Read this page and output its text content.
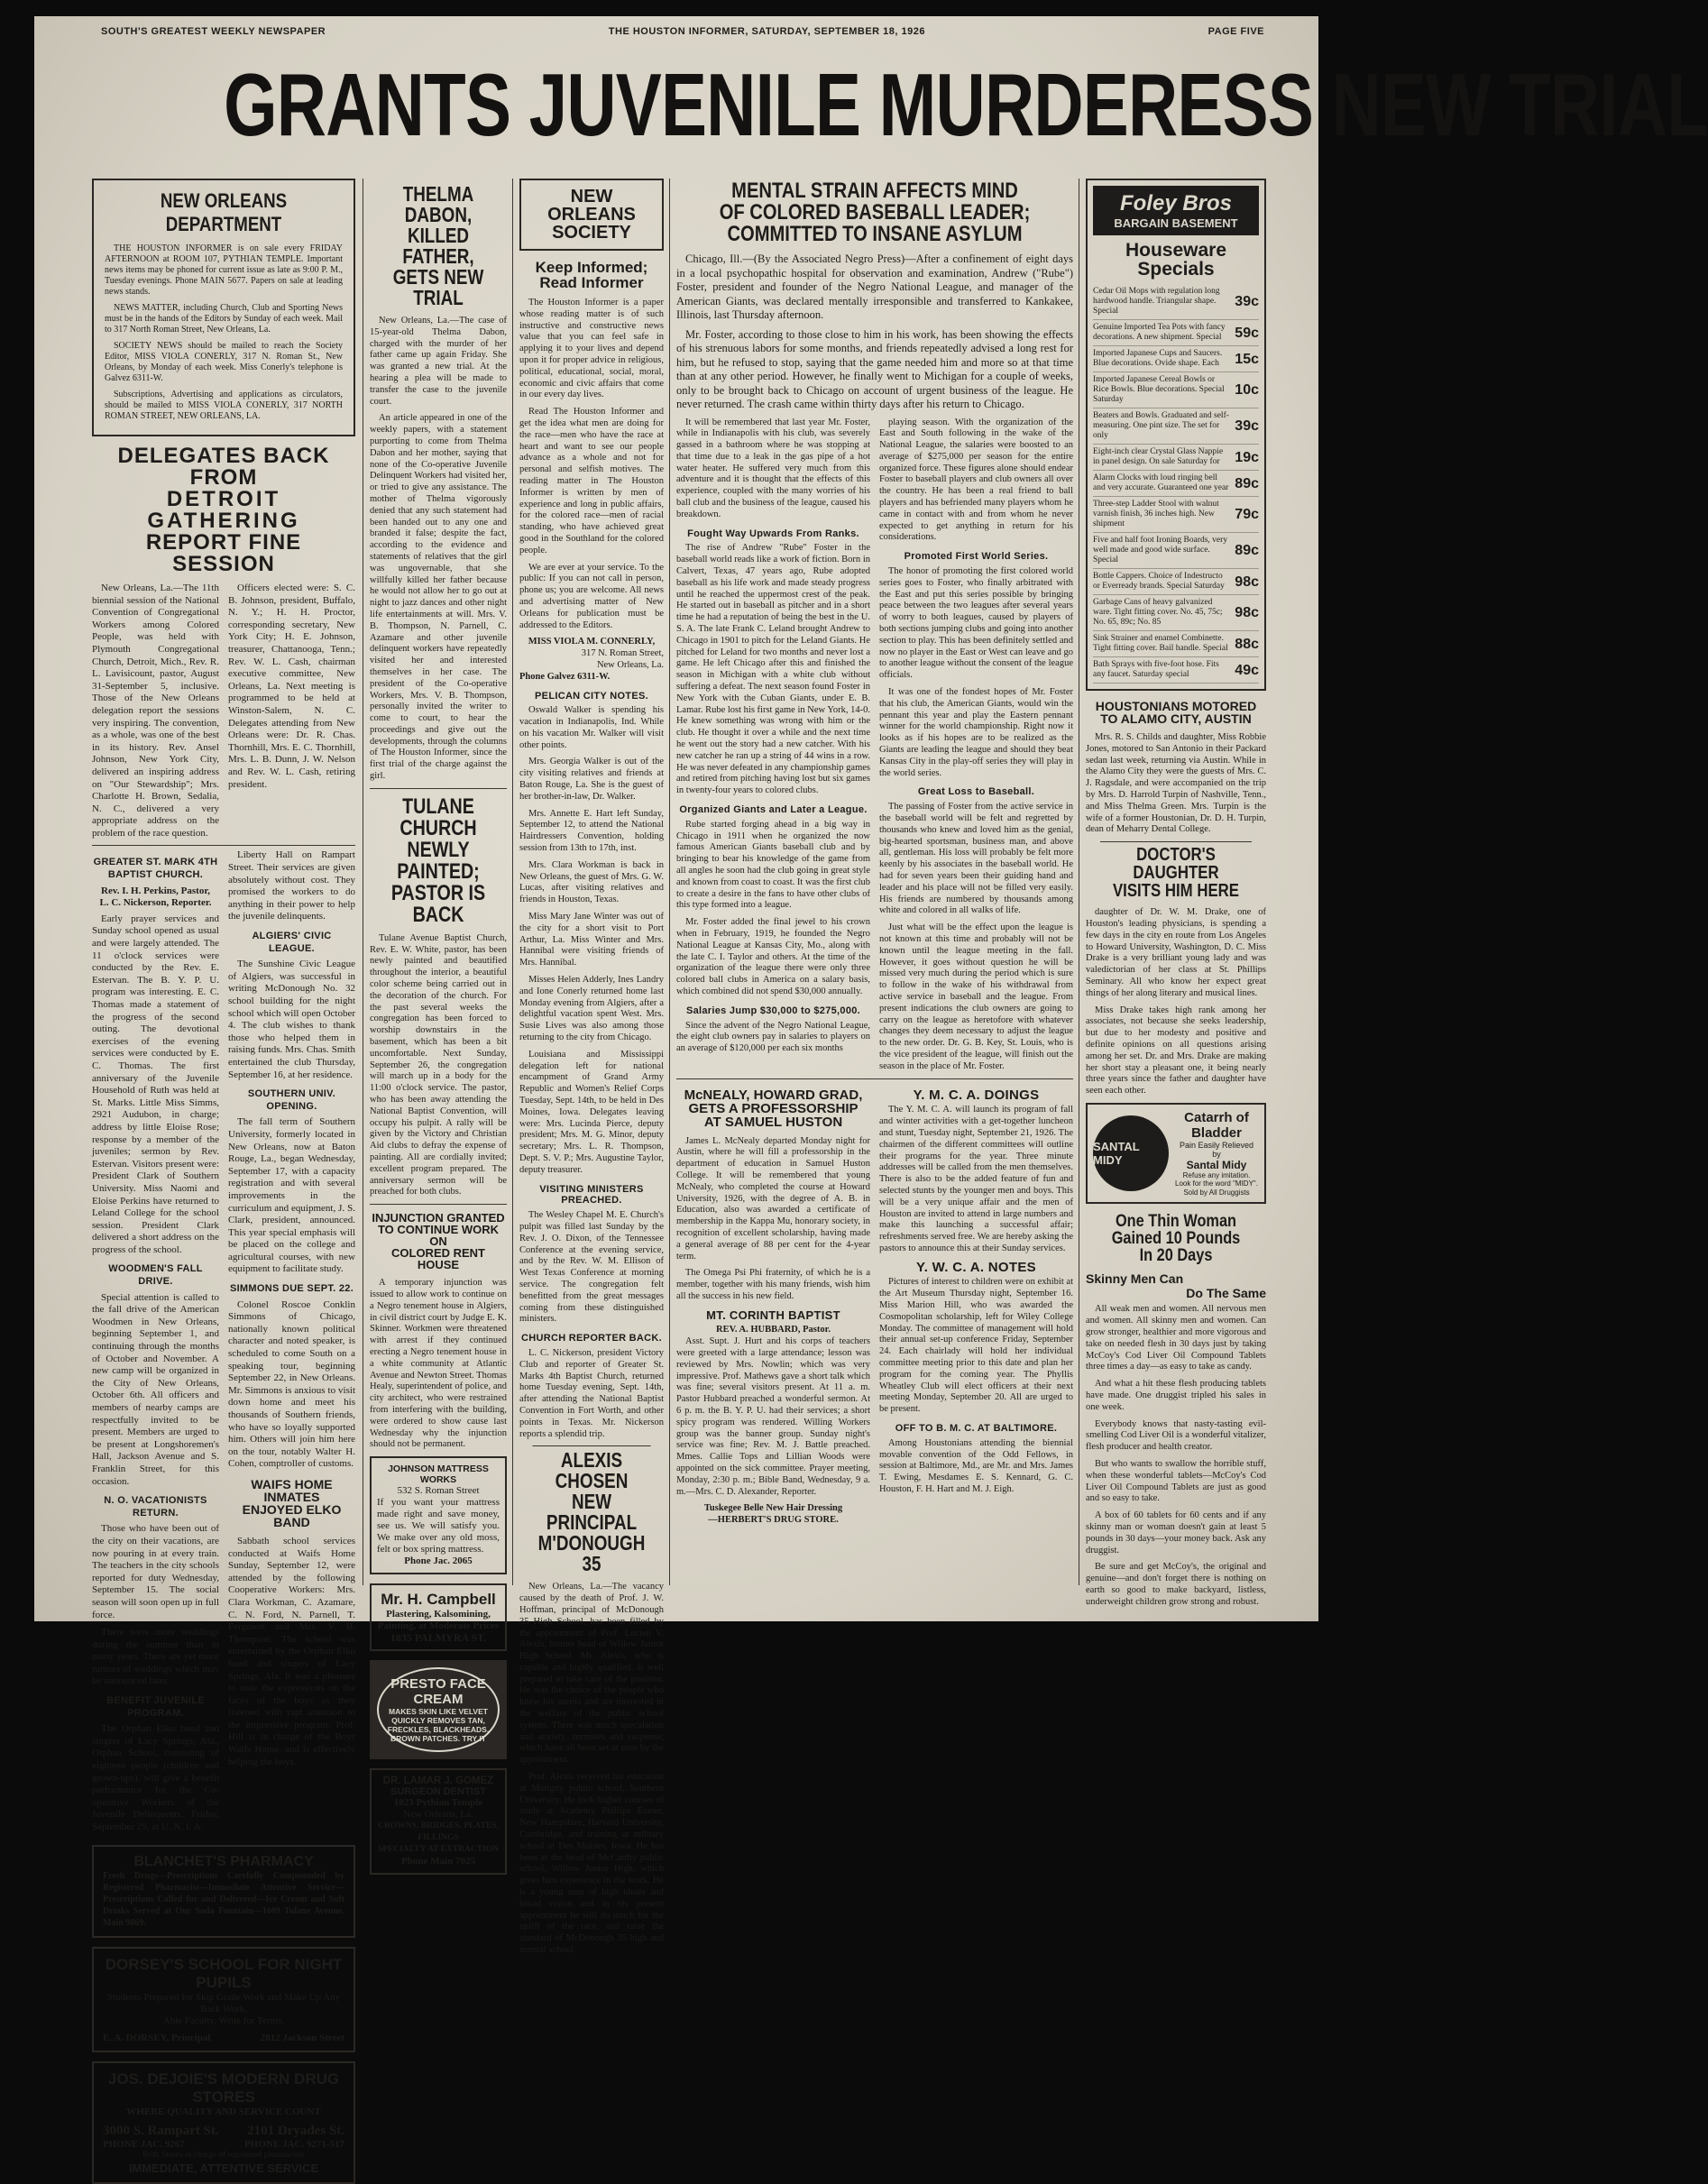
SOUTH'S GREATEST WEEKLY NEWSPAPER	THE HOUSTON INFORMER, SATURDAY, SEPTEMBER 18, 1926	PAGE FIVE
GRANTS JUVENILE MURDERESS NEW TRIAL
NEW ORLEANS DEPARTMENT

THE HOUSTON INFORMER is on sale every FRIDAY AFTERNOON at ROOM 107, PYTHIAN TEMPLE. Important news items may be phoned for current issue as late as 9:00 P. M., Tuesday evenings. Phone MAIN 5677. Papers on sale at leading news stands.

NEWS MATTER, including Church, Club and Sporting News must be in the hands of the Editors by Sunday of each week. Mail to 317 North Roman Street, New Orleans, La.

SOCIETY NEWS should be mailed to reach the Society Editor, MISS VIOLA CONERLY, 317 N. Roman St., New Orleans, by Monday of each week. Miss Conerly's telephone is Galvez 6311-W.

Subscriptions, Advertising and applications as circulators, should be mailed to MISS VIOLA CONERLY, 317 NORTH ROMAN STREET, NEW ORLEANS, LA.

DELEGATES BACK FROM
DETROIT GATHERING
REPORT FINE SESSION

New Orleans, La.—The 11th biennial session of the National Convention of Congregational Workers among Colored People, was held with Plymouth Congregational Church, Detroit, Mich., Rev. R. L. Lavisicount, pastor, August 31-September 5, inclusive. Those of the New Orleans delegation report the sessions very inspiring. The convention, as a whole, was one of the best in its history. Rev. Ansel Johnson, New York City, delivered an inspiring address on "Our Stewardship"; Mrs. Charlotte H. Brown, Sedalia, N. C., delivered a very appropriate address on the problem of the race question.

Officers elected were: S. C. B. Johnson, president, Buffalo, N. Y.; H. H. Proctor, corresponding secretary, New York City; H. E. Johnson, treasurer, Chattanooga, Tenn.; Rev. W. L. Cash, chairman executive committee, New Orleans, La. Next meeting is programmed to be held at Winston-Salem, N. C. Delegates attending from New Orleans were: Dr. R. Chas. Thornhill, Mrs. E. C. Thornhill, Mrs. L. B. Dunn, J. W. Nelson and Rev. W. L. Cash, retiring president.

GREATER ST. MARK 4TH BAPTIST CHURCH.
Rev. I. H. Perkins, Pastor,
L. C. Nickerson, Reporter.

Early prayer services and Sunday school opened as usual and were largely attended. The 11 o'clock services were conducted by the Rev. E. Estervan. The B. Y. P. U. program was interesting. E. C. Thomas made a statement of the progress of the second outing. The devotional exercises of the evening services were conducted by E. C. Thomas. The first anniversary of the Juvenile Household of Ruth was held at St. Marks. Little Miss Simms, 2921 Audubon, in charge; address by little Eloise Rose; response by a member of the juveniles; sermon by Rev. Estervan. Visitors present were: President Clark of Southern University. Miss Naomi and Eloise Perkins have returned to Leland College for the school session. President Clark delivered a short address on the progress of the school.

WOODMEN'S FALL DRIVE.

Special attention is called to the fall drive of the American Woodmen in New Orleans, beginning September 1, and continuing through the months of October and November. A new camp will be organized in the City of New Orleans, October 6th. All officers and members of nearby camps are respectfully invited to be present. Members are urged to be present at Longshoremen's Hall, Jackson Avenue and S. Franklin Street, for this occasion.

N. O. VACATIONISTS RETURN.

Those who have been out of the city on their vacations, are now pouring in at every train. The teachers in the city schools reported for duty Wednesday, September 15. The social season will soon open up in full force.

There were more weddings during the summer than in many years. There are yet more rumors of weddings which may be announced later.

BENEFIT JUVENILE PROGRAM.

The Orphan Elko band and singers of Lacy Springs, Ala., Orphan School, consisting of eighteen people (children and grown-ups), will give a benefit performance for the Co-operative Workers of the Juvenile Delinquents, Friday, September 29, at U. N. I. A.

Liberty Hall on Rampart Street. Their services are given absolutely without cost. They promised the workers to do anything in their power to help the juvenile delinquents.

ALGIERS' CIVIC LEAGUE.

The Sunshine Civic League of Algiers, was successful in writing McDonough No. 32 school building for the night school which will open October 4. The club wishes to thank those who helped them in raising funds. Mrs. Chas. Smith entertained the club Thursday, September 16, at her residence.

SOUTHERN UNIV. OPENING.

The fall term of Southern University, formerly located in New Orleans, now at Baton Rouge, La., began Wednesday, September 17, with a capacity registration and with several improvements in the curriculum and equipment, J. S. Clark, president, announced. This year special emphasis will be placed on the college and agricultural courses, with new equipment to facilitate study.

SIMMONS DUE SEPT. 22.

Colonel Roscoe Conklin Simmons of Chicago, nationally known political character and noted speaker, is scheduled to come South on a speaking tour, beginning September 22, in New Orleans. Mr. Simmons is anxious to visit down home and meet his thousands of Southern friends, who have so loyally supported him. Others will join him here on the tour, notably Walter H. Cohen, comptroller of customs.

WAIFS HOME INMATES
ENJOYED ELKO BAND

Sabbath school services conducted at Waifs Home Sunday, September 12, were attended by the following Cooperative Workers: Mrs. Clara Workman, C. Azamare, C. N. Ford, N. Parnell, T. Ferguson and Mrs. V. B. Thompson. The school was entertained by the Orphan Elko band and singers of Lacy Springs, Ala. It was a pleasure to note the expressions on the faces of the boys as they listened with rapt attention to the impressive program. Prof. Hill is in charge of the Boys Waifs Home, and is effectively helping the boys.

BLANCHET'S PHARMACY
Fresh Drugs—Prescriptions Carefully Compounded by Registered Pharmacist—Immediate Attentive Service—Prescriptions Called for and Delivered—Ice Cream and Soft Drinks Served at Our Soda Fountain—1609 Tulane Avenue. Main 9869.
DORSEY'S SCHOOL FOR NIGHT PUPILS
Students Prepared for Skip Grade Work and Make Up Any Back Work.
Able Faculty. Write for Terms.
E. A. DORSEY, Principal	2812 Jackson Street
JOS. DEJOIE'S MODERN DRUG STORES
WHERE QUALITY AND SERVICE COUNT
3000 S. Rampart St. 2101 Dryades St.
PHONE JAC. 9267	PHONE JAC. 9271-517
Both Stores in charge of registered pharmacists
IMMEDIATE, ATTENTIVE SERVICE
THELMA DABON,
KILLED FATHER,
GETS NEW TRIAL

New Orleans, La.—The case of 15-year-old Thelma Dabon, charged with the murder of her father came up again Friday. She was granted a new trial. At the hearing a plea will be made to transfer the case to the juvenile court.

An article appeared in one of the weekly papers, with a statement purporting to come from Thelma Dabon and her mother, saying that none of the Co-operative Juvenile Delinquent Workers had visited her, or tried to give any assistance. The mother of Thelma vigorously denied that any such statement had been handed out to any one and branded it false; despite the fact, according to the evidence and statements of relatives that the girl was ungovernable, that she willfully killed her father because he would not allow her to go out at night to jazz dances and other night life entertainments at will. Mrs. V. B. Thompson, N. Parnell, C. Azamare and other juvenile delinquent workers have repeatedly visited her and interested themselves in her case. The president of the Co-operative Workers, Mrs. V. B. Thompson, personally invited the writer to come to court, to hear the proceedings and give out the developments, through the columns of The Houston Informer, since the first trial of the charge against the girl.

TULANE CHURCH
NEWLY PAINTED;
PASTOR IS BACK

Tulane Avenue Baptist Church, Rev. E. W. White, pastor, has been newly painted and beautified throughout the interior, a beautiful color scheme being carried out in the decoration of the church. For the past several weeks the congregation has been forced to worship downstairs in the basement, which has been a bit uncomfortable. Next Sunday, September 26, the congregation will march up in a body for the 11:00 o'clock service. The pastor, who has been away attending the National Baptist Convention, will occupy his pulpit. A rally will be given by the Victory and Christian Aid clubs to defray the expense of painting. All are cordially invited; excellent program prepared. The anniversary sermon will be preached for both clubs.

INJUNCTION GRANTED
TO CONTINUE WORK ON
COLORED RENT HOUSE

A temporary injunction was issued to allow work to continue on a Negro tenement house in Algiers, in civil district court by Judge E. K. Skinner. Workmen were threatened with arrest if they continued erecting a Negro tenement house in a white community at Atlantic Avenue and Newton Street. Thomas Healy, superintendent of police, and city architect, who were restrained from interfering with the building, were ordered to show cause last Wednesday why the injunction should not be permanent.

JOHNSON MATTRESS WORKS
532 S. Roman Street
If you want your mattress made right and save money, see us. We will satisfy you. We make over any old moss, felt or box spring mattress.
Phone Jac. 2065
Mr. H. Campbell
Plastering, Kalsomining, Painting, at Moderate Prices
1835 PALMYRA ST.
PRESTO FACE CREAM
MAKES SKIN LIKE VELVET QUICKLY REMOVES TAN, FRECKLES, BLACKHEADS, BROWN PATCHES. TRY IT
DR. LAMAR J. GOMEZ
SURGEON DENTIST
1023 Pythian Temple
New Orleans, La.
CROWNS, BRIDGES, PLATES, FILLINGS
SPECIALTY AT EXTRACTION
Phone Main 7025
NEW ORLEANS SOCIETY
Keep Informed;
Read Informer

The Houston Informer is a paper whose reading matter is of such instructive and constructive news value that you can feel safe in applying it to your lives and depend upon it for proper advice in religious, political, educational, social, moral, economic and civic affairs that come in our every day lives.

Read The Houston Informer and get the idea what men are doing for the race—men who have the race at heart and want to see our people advance as a whole and not for personal and selfish motives. The reading matter in The Houston Informer is written by men of experience and long in public affairs, for the colored race—men of racial standing, who have achieved great good in the Southland for the colored people.

We are ever at your service. To the public: If you can not call in person, phone us; you are welcome. All news and advertising matter of New Orleans for publication must be addressed to the Editors.

MISS VIOLA M. CONNERLY,
317 N. Roman Street,
New Orleans, La.
Phone Galvez 6311-W.
PELICAN CITY NOTES.

Oswald Walker is spending his vacation in Indianapolis, Ind. While on his vacation Mr. Walker will visit other points.

Mrs. Georgia Walker is out of the city visiting relatives and friends at Baton Rouge, La. She is the guest of her brother-in-law, Dr. Walker.

Mrs. Annette E. Hart left Sunday, September 12, to attend the National Hairdressers Convention, holding session from 13th to 17th, inst.

Mrs. Clara Workman is back in New Orleans, the guest of Mrs. G. W. Lucas, after visiting relatives and friends in Houston, Texas.

Miss Mary Jane Winter was out of the city for a short visit to Port Arthur, La. Miss Winter and Mrs. Hannibal were visiting friends of Mrs. Hannibal.

Misses Helen Adderly, Ines Landry and Ione Conerly returned home last Monday evening from Algiers, after a delightful vacation spent West. Mrs. Susie Lives was also among those returning to the city from Chicago.

Louisiana and Mississippi delegation left for national encampment of Grand Army Republic and Women's Relief Corps Tuesday, Sept. 14th, to be held in Des Moines, Iowa. Delegates leaving were: Mrs. Lucinda Pierce, deputy president; Mrs. M. G. Minor, deputy secretary; Mrs. L. R. Thompson, Dept. S. V. P.; Mrs. Augustine Taylor, deputy treasurer.

VISITING MINISTERS PREACHED.

The Wesley Chapel M. E. Church's pulpit was filled last Sunday by the Rev. J. O. Dixon, of the Tennessee Conference at the evening service, and by the Rev. W. M. Ellison of West Texas Conference at morning service. The congregation felt benefitted from the great messages coming from these distinguished ministers.

CHURCH REPORTER BACK.

L. C. Nickerson, president Victory Club and reporter of Greater St. Marks 4th Baptist Church, returned home Tuesday evening, Sept. 14th, after attending the National Baptist Convention in Fort Worth, and other points in Texas. Mr. Nickerson reports a splendid trip.

ALEXIS CHOSEN
NEW PRINCIPAL
M'DONOUGH 35

New Orleans, La.—The vacancy caused by the death of Prof. J. W. Hoffman, principal of McDonough 35 High School, has been filled by the appointment of Prof. Lucien V. Alexis, former head of Willow Junior High School. Mr. Alexis, who is capable and highly qualified, is well prepared to take care of the position. He was the choice of the people who knew his merits and are interested in the welfare of the public school system. There was much speculation and anxiety, surmises and suspense, which have all been set at ease by the appointment.

Prof. Alexis received his education at Marigny public school, Southern University. He took higher courses of study at Academy Phillips Exeter, New Hampshire, Harvard University, Cambridge, and training at military school at Des Moines, Iowa. He has been at the head of McCarthy public school, Willow Junior High, which gives him experience in the work. He is a young man of high ideals and broad vision and in his present appointment he will do much for the uplift of the race, and raise the standard of McDonough 35 high and normal school.

MENTAL STRAIN AFFECTS MIND
OF COLORED BASEBALL LEADER;
COMMITTED TO INSANE ASYLUM

Chicago, Ill.—(By the Associated Negro Press)—After a confinement of eight days in a local psychopathic hospital for observation and examination, Andrew ("Rube") Foster, president and founder of the Negro National League, and manager of the American Giants, was declared mentally irresponsible and transferred to Kankakee, Illinois, last Thursday afternoon.

Mr. Foster, according to those close to him in his work, has been showing the effects of his strenuous labors for some months, and friends repeatedly advised a long rest for him, but he refused to stop, saying that the game needed him and more so at that time than at any other period. However, he finally went to Michigan for a couple of weeks, only to be brought back to Chicago on account of urgent business of the league. He never returned. The crash came within thirty days after his return to Chicago.

It will be remembered that last year Mr. Foster, while in Indianapolis with his club, was severely gassed in a bathroom where he was stopping at that time due to a leak in the gas pipe of a hot water heater. He suffered very much from this adventure and it is thought that the effects of this experience, coupled with the many worries of his ball club and the business of the league, caused his breakdown.

Fought Way Upwards From Ranks.

The rise of Andrew "Rube" Foster in the baseball world reads like a work of fiction. Born in Calvert, Texas, 47 years ago, Rube adopted baseball as his life work and made steady progress until he reached the uppermost crest of the peak. He started out in baseball as pitcher and in a short time he had a reputation of being the best in the U. S. A. The late Frank C. Leland brought Andrew to Chicago in 1901 to pitch for the Leland Giants. He pitched for Leland for two months and never lost a game. He left Chicago after this and finished the season in Michigan with a white club without suffering a defeat. The next season found Foster in New York with the Cuban Giants, under E. B. Lamar. Rube lost his first game in New York, 14-0. He knew something was wrong with him or the club. He thought it over a while and the next time he went out the story had a new catcher. With his new catcher he ran up a string of 44 wins in a row. He was never defeated in any championship games and retired from pitching having lost but six games in twenty-four years to colored clubs.

Organized Giants and Later a League.

Rube started forging ahead in a big way in Chicago in 1911 when he organized the now famous American Giants baseball club and by bringing to bear his knowledge of the game from all angles he soon had the club going in great style and known from coast to coast. It was the first club to create a desire in the fans to have other clubs of this type formed into a league.

Mr. Foster added the final jewel to his crown when in February, 1919, he founded the Negro National League at Kansas City, Mo., along with the late C. I. Taylor and others. At the time of the organization of the league there were only three colored ball clubs in America on a salary basis, which combined did not spend $30,000 annually.

Salaries Jump $30,000 to $275,000.

Since the advent of the Negro National League, the eight club owners pay in salaries to players on an average of $120,000 per each six months

playing season. With the organization of the East and South following in the wake of the National League, the salaries were boosted to an average of $275,000 per season for the entire organized force. These figures alone should endear Foster to baseball players and club owners all over the country. He has been a real friend to ball players and has befriended many players whom he came in contact with and from whom he never expected to get anything in return for his considerations.

Promoted First World Series.

The honor of promoting the first colored world series goes to Foster, who finally arbitrated with the East and put this series possible by bringing peace between the two leagues after several years of worry to both leagues, caused by players of both sections jumping clubs and going into another section to play. This has been definitely settled and now no player in the East or West can leave and go to another league without the consent of the league officials.

It was one of the fondest hopes of Mr. Foster that his club, the American Giants, would win the pennant this year and play the Eastern pennant winner for the world championship. Right now it looks as if his hopes are to be realized as the Giants are leading the league and should they beat Kansas City in the play-off series they will play in the world series.

Great Loss to Baseball.

The passing of Foster from the active service in the baseball world will be felt and regretted by thousands who knew and loved him as the genial, big-hearted sportsman, business man, and above all, gentleman. His loss will probably be felt more keenly by his associates in the baseball world. He had for seven years been their guiding hand and leader and his place will not be filled very easily. His friends are numbered by thousands among white and colored in all walks of life.

Just what will be the effect upon the league is not known at this time and probably will not be known until the league meeting in the fall. However, it goes without question he will be missed very much during the period which is sure to follow in the wake of his withdrawal from active service in baseball and the league. From present indications the club owners are going to carry on the league as heretofore with whatever changes they deem necessary to adjust the league to the new order. Dr. G. B. Key, St. Louis, who is the vice president of the league, will finish out the season in the place of Mr. Foster.

McNEALY, HOWARD GRAD,
GETS A PROFESSORSHIP
AT SAMUEL HUSTON

James L. McNealy departed Monday night for Austin, where he will fill a professorship in the department of education in Samuel Huston College. It will be remembered that young McNealy, who completed the course at Howard University, 1926, with the degree of A. B. in Education, also was awarded a certificate of membership in the Kappa Mu, honorary society, in recognition of excellent scholarship, having made a general average of 88 per cent for the 4-year term.

The Omega Psi Phi fraternity, of which he is a member, together with his many friends, wish him all the success in his new field.

MT. CORINTH BAPTIST
REV. A. HUBBARD, Pastor.

Asst. Supt. J. Hurt and his corps of teachers were greeted with a large attendance; lesson was reviewed by Mrs. Nowlin; which was very impressive. Prof. Mathews gave a short talk which was fine; several visitors present. At 11 a. m. Pastor Hubbard preached a wonderful sermon. At 6 p. m. the B. Y. P. U. had their services; a short spicy program was rendered. Willing Workers group was the banner group. Sunday night's service was fine; Rev. M. J. Battle preached. Mmes. Callie Tops and Lillian Woods were appointed on the sick committee. Prayer meeting, Monday, 2:30 p. m.; Bible Band, Wednesday, 9 a. m.—Mrs. C. D. Alexander, Reporter.

Tuskegee Belle New Hair Dressing
—HERBERT'S DRUG STORE.
Y. M. C. A. DOINGS

The Y. M. C. A. will launch its program of fall and winter activities with a get-together luncheon and stunt, Tuesday night, September 21, 1926. The chairmen of the different committees will outline their programs for the year. Three minute addresses will be called from the men themselves. There is also to be the added feature of fun and selected stunts by the younger men and boys. This will be a very unique affair and the men of Houston are invited to attend in large numbers and make this launching a successful affair; refreshments served free. We are hereby asking the pastors to announce this at their Sunday services.

Y. W. C. A. NOTES

Pictures of interest to children were on exhibit at the Art Museum Thursday night, September 16. Miss Marion Hill, who was awarded the Cosmopolitan scholarship, left for Wiley College Monday. The committee of management will hold their annual set-up conference Friday, September 24. Each chairlady will hold her individual committee meeting prior to this date and plan her program for the coming year. The Phyllis Wheatley Club will elect officers at their next meeting Monday, September 20. All are urged to be present.

OFF TO B. M. C. AT BALTIMORE.

Among Houstonians attending the biennial movable convention of the Odd Fellows, in session at Baltimore, Md., are Mr. and Mrs. James T. Ewing, Mesdames E. S. Kennard, G. C. Houston, F. H. Hart and M. J. Eigh.

Foley Bros
BARGAIN BASEMENT
Houseware
Specials
Cedar Oil Mops with regulation long hardwood handle. Triangular shape. Special
39c
Genuine Imported Tea Pots with fancy decorations. A new shipment. Special 59c
Imported Japanese Cups and Saucers. Blue decorations. Ovide shape. Each	15c
Imported Japanese Cereal Bowls or Rice Bowls. Blue decorations. Special Saturday
10c
Beaters and Bowls. Graduated and self-measuring. One pint size. The set for only
39c
Eight-inch clear Crystal Glass Nappie in panel design. On sale Saturday for	19c
Alarm Clocks with loud ringing bell and very accurate. Guaranteed one year 89c
Three-step Ladder Stool with walnut varnish finish, 36 inches high. New shipment
79c
Five and half foot Ironing Boards, very well made and good wide surface. Special
89c
Bottle Cappers. Choice of Indestructo or Everready brands. Special Saturday 98c
Garbage Cans of heavy galvanized ware. Tight fitting cover. No. 45, 75c; No. 65, 89c; No. 85
98c
Sink Strainer and enamel Combinette. Tight fitting cover. Bail handle. Special 88c
Bath Sprays with five-foot hose. Fits any faucet. Saturday special	49c
HOUSTONIANS MOTORED
TO ALAMO CITY, AUSTIN

Mrs. R. S. Childs and daughter, Miss Robbie Jones, motored to San Antonio in their Packard sedan last week, returning via Austin. While in the Alamo City they were the guests of Mrs. C. J. Ragsdale, and were accompanied on the trip by Mrs. D. Harrold Turpin of Nashville, Tenn., and Miss Thelma Green. Mrs. Turpin is the wife of a former Houstonian, Dr. D. H. Turpin, dean of Meharry Dental College.

DOCTOR'S DAUGHTER
VISITS HIM HERE

daughter of Dr. W. M. Drake, one of Houston's leading physicians, is spending a few days in the city en route from Los Angeles to Howard University, Washington, D. C. Miss Drake is a very brilliant young lady and was valedictorian of her class at St. Phillips Seminary. All who know her expect great things of her along literary and musical lines.

Miss Drake takes high rank among her associates, not because she seeks leadership, but due to her modesty and positive and definite opinions on all questions arising among her set. Dr. and Mrs. Drake are making her short stay a pleasant one, it being nearly three years since the father and daughter have seen each other.

SANTAL MIDY
Catarrh of
Bladder
Pain Easily Relieved by
Santal Midy
Refuse any imitation. Look for the word "MIDY". Sold by All Druggists
One Thin Woman
Gained 10 Pounds
In 20 Days
Skinny Men Can
Do The Same

All weak men and women. All nervous men and women. All skinny men and women. Can grow stronger, healthier and more vigorous and take on needed flesh in 30 days just by taking McCoy's Cod Liver Oil Compound Tablets three times a day—as easy to take as candy.

And what a hit these flesh producing tablets have made. One druggist tripled his sales in one week.

Everybody knows that nasty-tasting evil-smelling Cod Liver Oil is a wonderful vitalizer, flesh producer and health creator.

But who wants to swallow the horrible stuff, when these wonderful tablets—McCoy's Cod Liver Oil Compound Tablets are just as good and so easy to take.

A box of 60 tablets for 60 cents and if any skinny man or woman doesn't gain at least 5 pounds in 30 days—your money back. Ask any druggist.

Be sure and get McCoy's, the original and genuine—and don't forget there is nothing on earth so good to make backyard, listless, underweight children grow strong and robust.
